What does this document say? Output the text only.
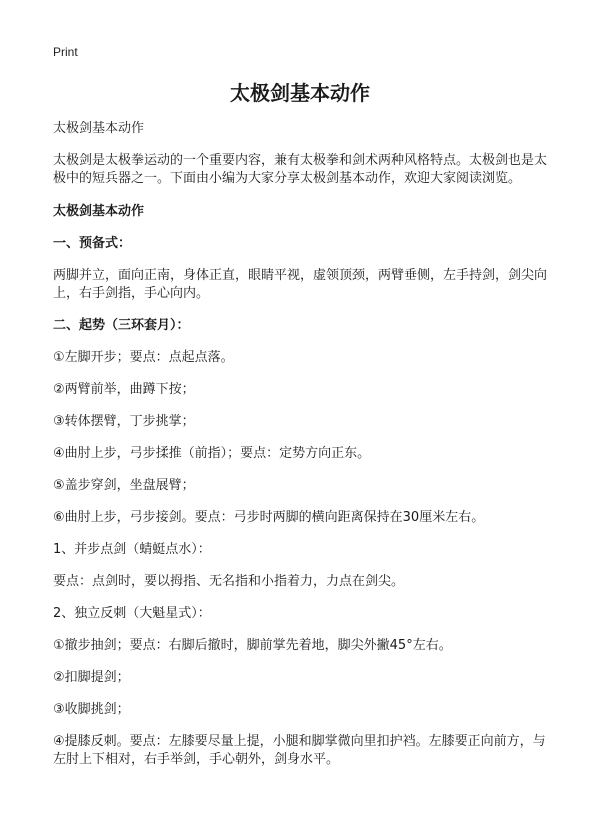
Print
太极剑基本动作

太极剑基本动作

太极剑是太极拳运动的一个重要内容，兼有太极拳和剑术两种风格特点。太极剑也是太极中的短兵器之一。下面由小编为大家分享太极剑基本动作，欢迎大家阅读浏览。

太极剑基本动作

一、预备式：

两脚并立，面向正南，身体正直，眼睛平视，虚领顶颈，两臂垂侧，左手持剑，剑尖向上，右手剑指，手心向内。

二、起势（三环套月）：

①左脚开步；要点：点起点落。

②两臂前举，曲蹲下按；

③转体摆臂，丁步挑掌；

④曲肘上步，弓步揉推（前指）；要点：定势方向正东。

⑤盖步穿剑，坐盘展臂；

⑥曲肘上步，弓步接剑。要点：弓步时两脚的横向距离保持在30厘米左右。

1、并步点剑（蜻蜓点水）：

要点：点剑时，要以拇指、无名指和小指着力，力点在剑尖。

2、独立反刺（大魁星式）：

①撤步抽剑；要点：右脚后撤时，脚前掌先着地，脚尖外撇45°左右。

②扣脚提剑；

③收脚挑剑；

④提膝反刺。要点：左膝要尽量上提，小腿和脚掌微向里扣护裆。左膝要正向前方，与左肘上下相对，右手举剑，手心朝外，剑身水平。
